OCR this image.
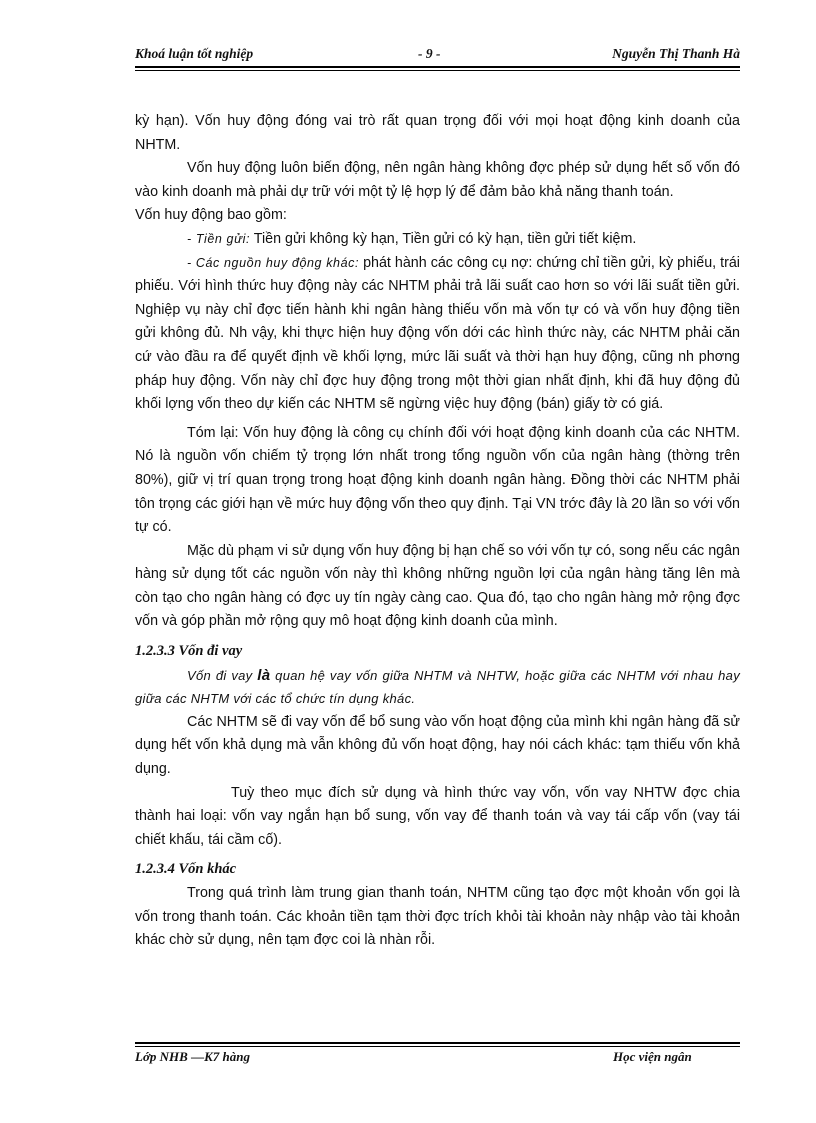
Khoá luận tốt nghiệp	- 9 -	Nguyễn Thị Thanh Hà

kỳ hạn). Vốn huy động đóng vai trò rất quan trọng đối với mọi hoạt động kinh doanh của NHTM.

Vốn huy động luôn biến động, nên ngân hàng không đợc phép sử dụng hết số vốn đó vào kinh doanh mà phải dự trữ với một tỷ lệ hợp lý để đảm bảo khả năng thanh toán.

Vốn huy động bao gồm:

- Tiền gửi: Tiền gửi không kỳ hạn, Tiền gửi có kỳ hạn, tiền gửi tiết kiệm.

- Các nguồn huy động khác: phát hành các công cụ nợ: chứng chỉ tiền gửi, kỳ phiếu, trái phiếu. Với hình thức huy động này các NHTM phải trả lãi suất cao hơn so với lãi suất tiền gửi. Nghiệp vụ này chỉ đợc tiến hành khi ngân hàng thiếu vốn mà vốn tự có và vốn huy động tiền gửi không đủ. Nh vậy, khi thực hiện huy động vốn dới các hình thức này, các NHTM phải căn cứ vào đầu ra để quyết định về khối lợng, mức lãi suất và thời hạn huy động, cũng nh phơng pháp huy động. Vốn này chỉ đợc huy động trong một thời gian nhất định, khi đã huy động đủ khối lợng vốn theo dự kiến các NHTM sẽ ngừng việc huy động (bán) giấy tờ có giá.

Tóm lại: Vốn huy động là công cụ chính đối với hoạt động kinh doanh của các NHTM. Nó là nguồn vốn chiếm tỷ trọng lớn nhất trong tổng nguồn vốn của ngân hàng (thờng trên 80%), giữ vị trí quan trọng trong hoạt động kinh doanh ngân hàng. Đồng thời các NHTM phải tôn trọng các giới hạn về mức huy động vốn theo quy định. Tại VN trớc đây là 20 lần so với vốn tự có.

Mặc dù phạm vi sử dụng vốn huy động bị hạn chế so với vốn tự có, song nếu các ngân hàng sử dụng tốt các nguồn vốn này thì không những nguồn lợi của ngân hàng tăng lên mà còn tạo cho ngân hàng có đợc uy tín ngày càng cao. Qua đó, tạo cho ngân hàng mở rộng đợc vốn và góp phần mở rộng quy mô hoạt động kinh doanh của mình.

1.2.3.3 Vốn đi vay

Vốn đi vay là quan hệ vay vốn giữa NHTM và NHTW, hoặc giữa các NHTM với nhau hay giữa các NHTM với các tổ chức tín dụng khác.

Các NHTM sẽ đi vay vốn để bổ sung vào vốn hoạt động của mình khi ngân hàng đã sử dụng hết vốn khả dụng mà vẫn không đủ vốn hoạt động, hay nói cách khác: tạm thiếu vốn khả dụng.

Tuỳ theo mục đích sử dụng và hình thức vay vốn, vốn vay NHTW đợc chia thành hai loại: vốn vay ngắn hạn bổ sung, vốn vay để thanh toán và vay tái cấp vốn (vay tái chiết khấu, tái cầm cố).

1.2.3.4 Vốn khác

Trong quá trình làm trung gian thanh toán, NHTM cũng tạo đợc một khoản vốn gọi là vốn trong thanh toán. Các khoản tiền tạm thời đợc trích khỏi tài khoản này nhập vào tài khoản khác chờ sử dụng, nên tạm đợc coi là nhàn rỗi.

Lớp NHB —K7 hàng	Học viện ngân
